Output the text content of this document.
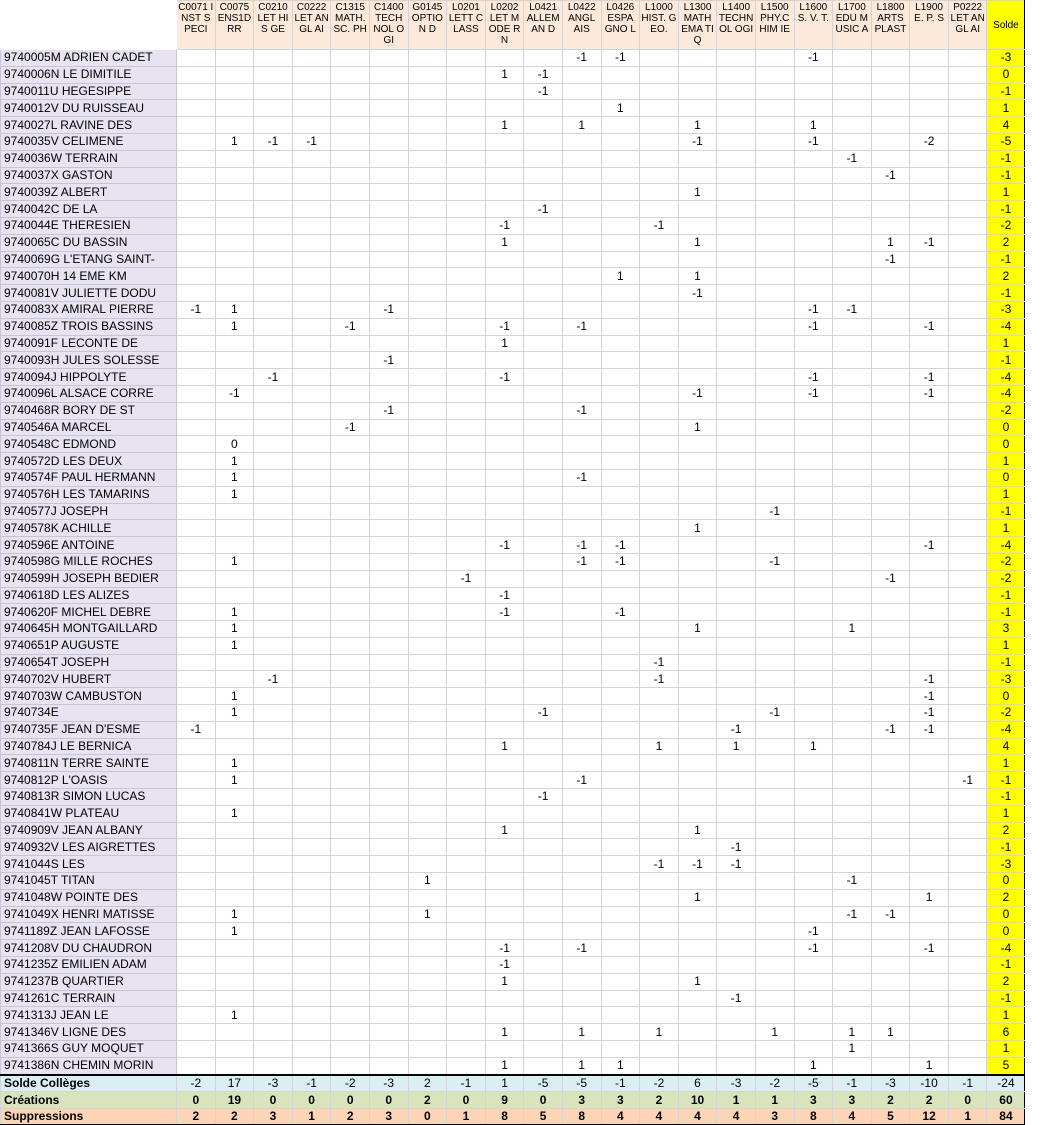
	C0071 INST SPECI	C0075 ENS1D RR	C0210 LET HIS GE	C0222 LET ANGL AI	C1315 MATH. SC. PH	C1400 TECH NOL OGI	G0145 OPTIO N D	L0201 LETT CLASS	L0202 LET MODE RN	L0421 ALLEM AN D	L0422 ANGL AIS	L0426 ESPA GNO L	L1000 HIST. GEO.	L1300 MATH EMA TIQ	L1400 TECHN OL OGI	L1500 PHY.C HIM IE	L1600 S. V. T.	L1700 EDU MUSIC A	L1800 ARTS PLAST	L1900 E. P. S	P0222 LET ANGL AI	Solde
9740005M ADRIEN CADET											-1	-1					-1					-3
9740006N LE DIMITILE									1	-1												0
9740011U HEGESIPPE										-1												-1
9740012V DU RUISSEAU												1										1
9740027L RAVINE DES									1		1			1			1					4
9740035V CELIMENE		1	-1	-1										-1			-1			-2		-5
9740036W TERRAIN																		-1				-1
9740037X GASTON																			-1			-1
9740039Z ALBERT														1								1
9740042C DE LA										-1												-1
9740044E THERESIEN									-1				-1									-2
9740065C DU BASSIN									1					1					1	-1		2
9740069G L'ETANG SAINT-																			-1			-1
9740070H 14 EME KM												1		1								2
9740081V JULIETTE DODU														-1								-1
9740083X AMIRAL PIERRE	-1	1				-1											-1	-1				-3
9740085Z TROIS BASSINS		1			-1				-1		-1						-1			-1		-4
9740091F LECONTE DE									1													1
9740093H JULES SOLESSE						-1																-1
9740094J HIPPOLYTE			-1						-1								-1			-1		-4
9740096L ALSACE CORRE		-1												-1			-1			-1		-4
9740468R BORY DE ST						-1					-1											-2
9740546A MARCEL					-1									1								0
9740548C EDMOND		0																				0
9740572D LES DEUX		1																				1
9740574F PAUL HERMANN		1									-1											0
9740576H LES TAMARINS		1																				1
9740577J JOSEPH																-1						-1
9740578K ACHILLE														1								1
9740596E ANTOINE									-1		-1	-1								-1		-4
9740598G MILLE ROCHES		1									-1	-1				-1						-2
9740599H JOSEPH BEDIER								-1											-1			-2
9740618D LES ALIZES									-1													-1
9740620F MICHEL DEBRE		1							-1			-1										-1
9740645H MONTGAILLARD		1												1				1				3
9740651P AUGUSTE		1																				1
9740654T JOSEPH													-1									-1
9740702V HUBERT			-1										-1							-1		-3
9740703W CAMBUSTON		1																		-1		0
9740734E		1								-1						-1				-1		-2
9740735F JEAN D'ESME	-1														-1				-1	-1		-4
9740784J LE BERNICA									1				1		1		1					4
9740811N TERRE SAINTE		1																				1
9740812P L'OASIS		1									-1										-1	-1
9740813R SIMON LUCAS										-1												-1
9740841W PLATEAU		1																				1
9740909V JEAN ALBANY									1					1								2
9740932V LES AIGRETTES															-1							-1
9741044S LES													-1	-1	-1							-3
9741045T TITAN							1											-1				0
9741048W POINTE DES														1						1		2
9741049X HENRI MATISSE		1					1											-1	-1			0
9741189Z JEAN LAFOSSE		1															-1					0
9741208V DU CHAUDRON									-1		-1						-1			-1		-4
9741235Z EMILIEN ADAM									-1													-1
9741237B QUARTIER									1					1								2
9741261C TERRAIN															-1							-1
9741313J JEAN LE		1																				1
9741346V LIGNE DES									1		1		1			1		1	1			6
9741366S GUY MOQUET																		1				1
9741386N CHEMIN MORIN									1		1	1					1			1		5
Solde Collèges	-2	17	-3	-1	-2	-3	2	-1	1	-5	-5	-1	-2	6	-3	-2	-5	-1	-3	-10	-1	-24
Créations	0	19	0	0	0	0	2	0	9	0	3	3	2	10	1	1	3	3	2	2	0	60
Suppressions	2	2	3	1	2	3	0	1	8	5	8	4	4	4	4	3	8	4	5	12	1	84
